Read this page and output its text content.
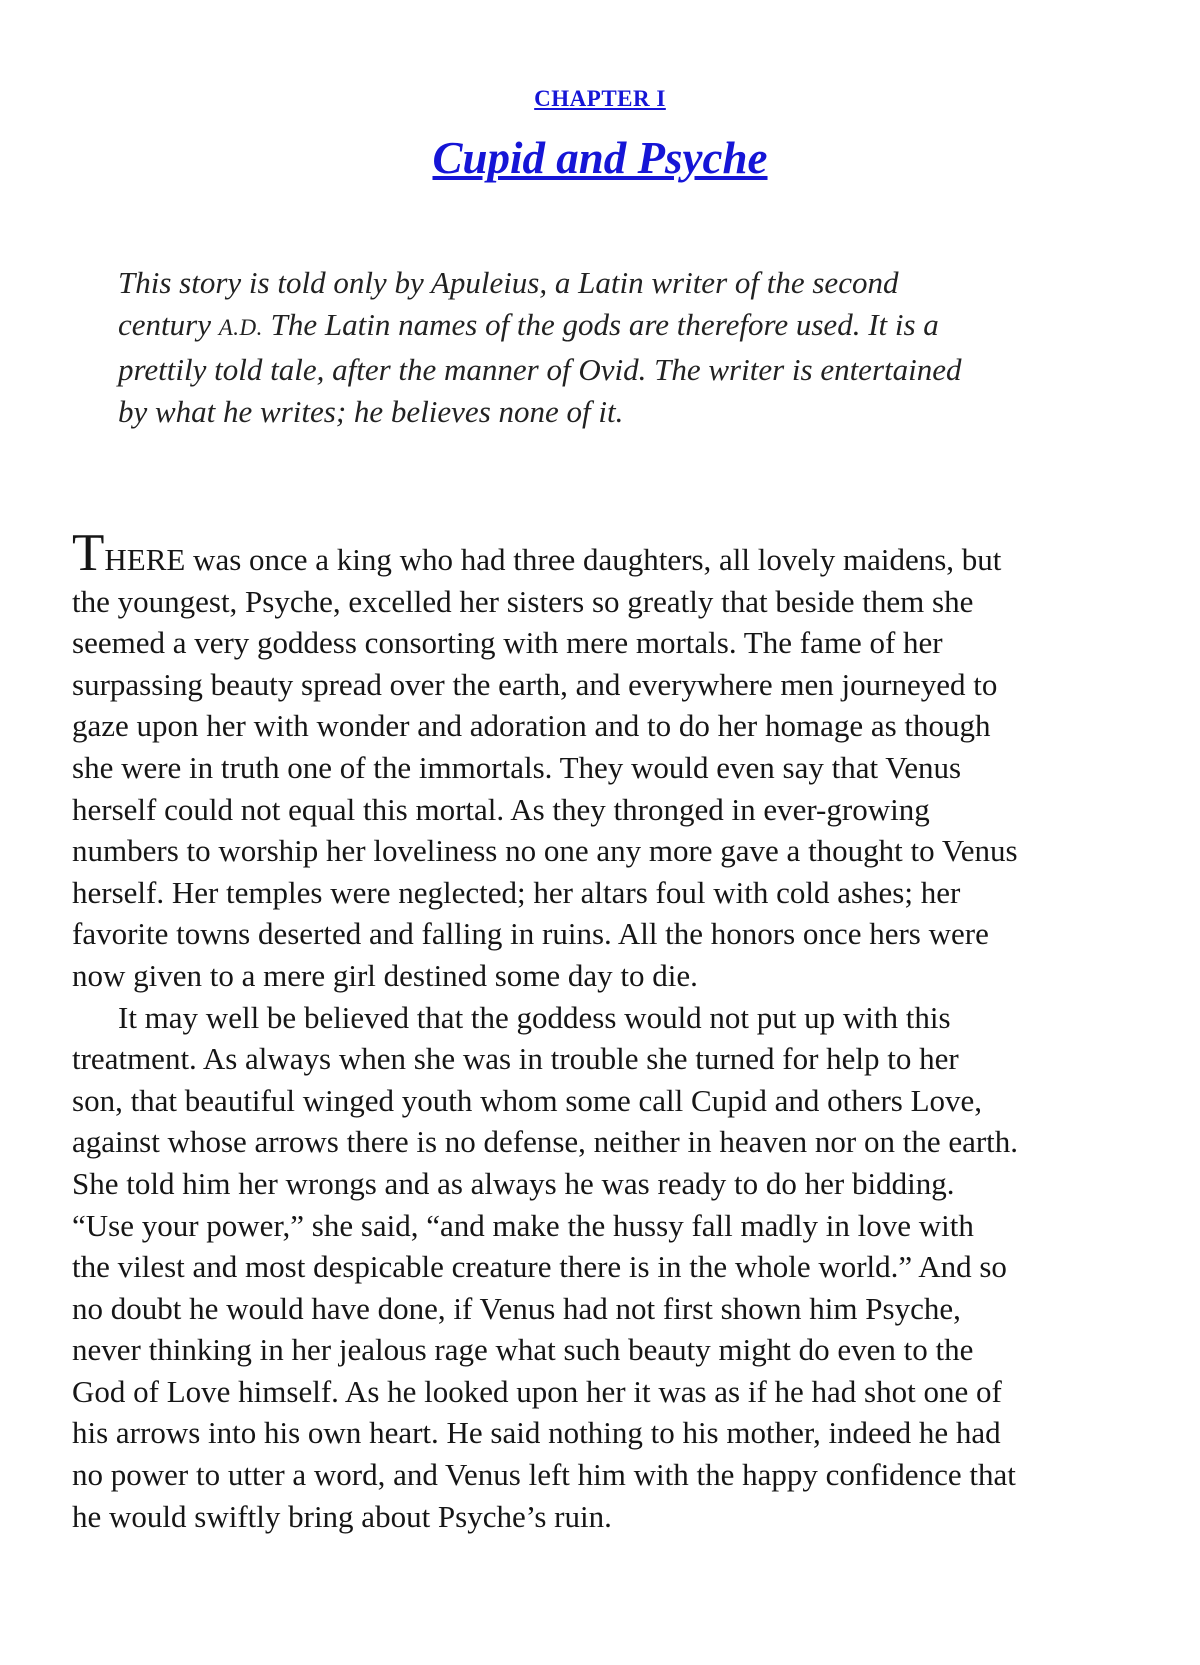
CHAPTER I
Cupid and Psyche
This story is told only by Apuleius, a Latin writer of the second
century A.D. The Latin names of the gods are therefore used. It is a
prettily told tale, after the manner of Ovid. The writer is entertained
by what he writes; he believes none of it.
THERE was once a king who had three daughters, all lovely maidens, but
the youngest, Psyche, excelled her sisters so greatly that beside them she
seemed a very goddess consorting with mere mortals. The fame of her
surpassing beauty spread over the earth, and everywhere men journeyed to
gaze upon her with wonder and adoration and to do her homage as though
she were in truth one of the immortals. They would even say that Venus
herself could not equal this mortal. As they thronged in ever-growing
numbers to worship her loveliness no one any more gave a thought to Venus
herself. Her temples were neglected; her altars foul with cold ashes; her
favorite towns deserted and falling in ruins. All the honors once hers were
now given to a mere girl destined some day to die.
It may well be believed that the goddess would not put up with this
treatment. As always when she was in trouble she turned for help to her
son, that beautiful winged youth whom some call Cupid and others Love,
against whose arrows there is no defense, neither in heaven nor on the earth.
She told him her wrongs and as always he was ready to do her bidding.
“Use your power,” she said, “and make the hussy fall madly in love with
the vilest and most despicable creature there is in the whole world.” And so
no doubt he would have done, if Venus had not first shown him Psyche,
never thinking in her jealous rage what such beauty might do even to the
God of Love himself. As he looked upon her it was as if he had shot one of
his arrows into his own heart. He said nothing to his mother, indeed he had
no power to utter a word, and Venus left him with the happy confidence that
he would swiftly bring about Psyche’s ruin.
